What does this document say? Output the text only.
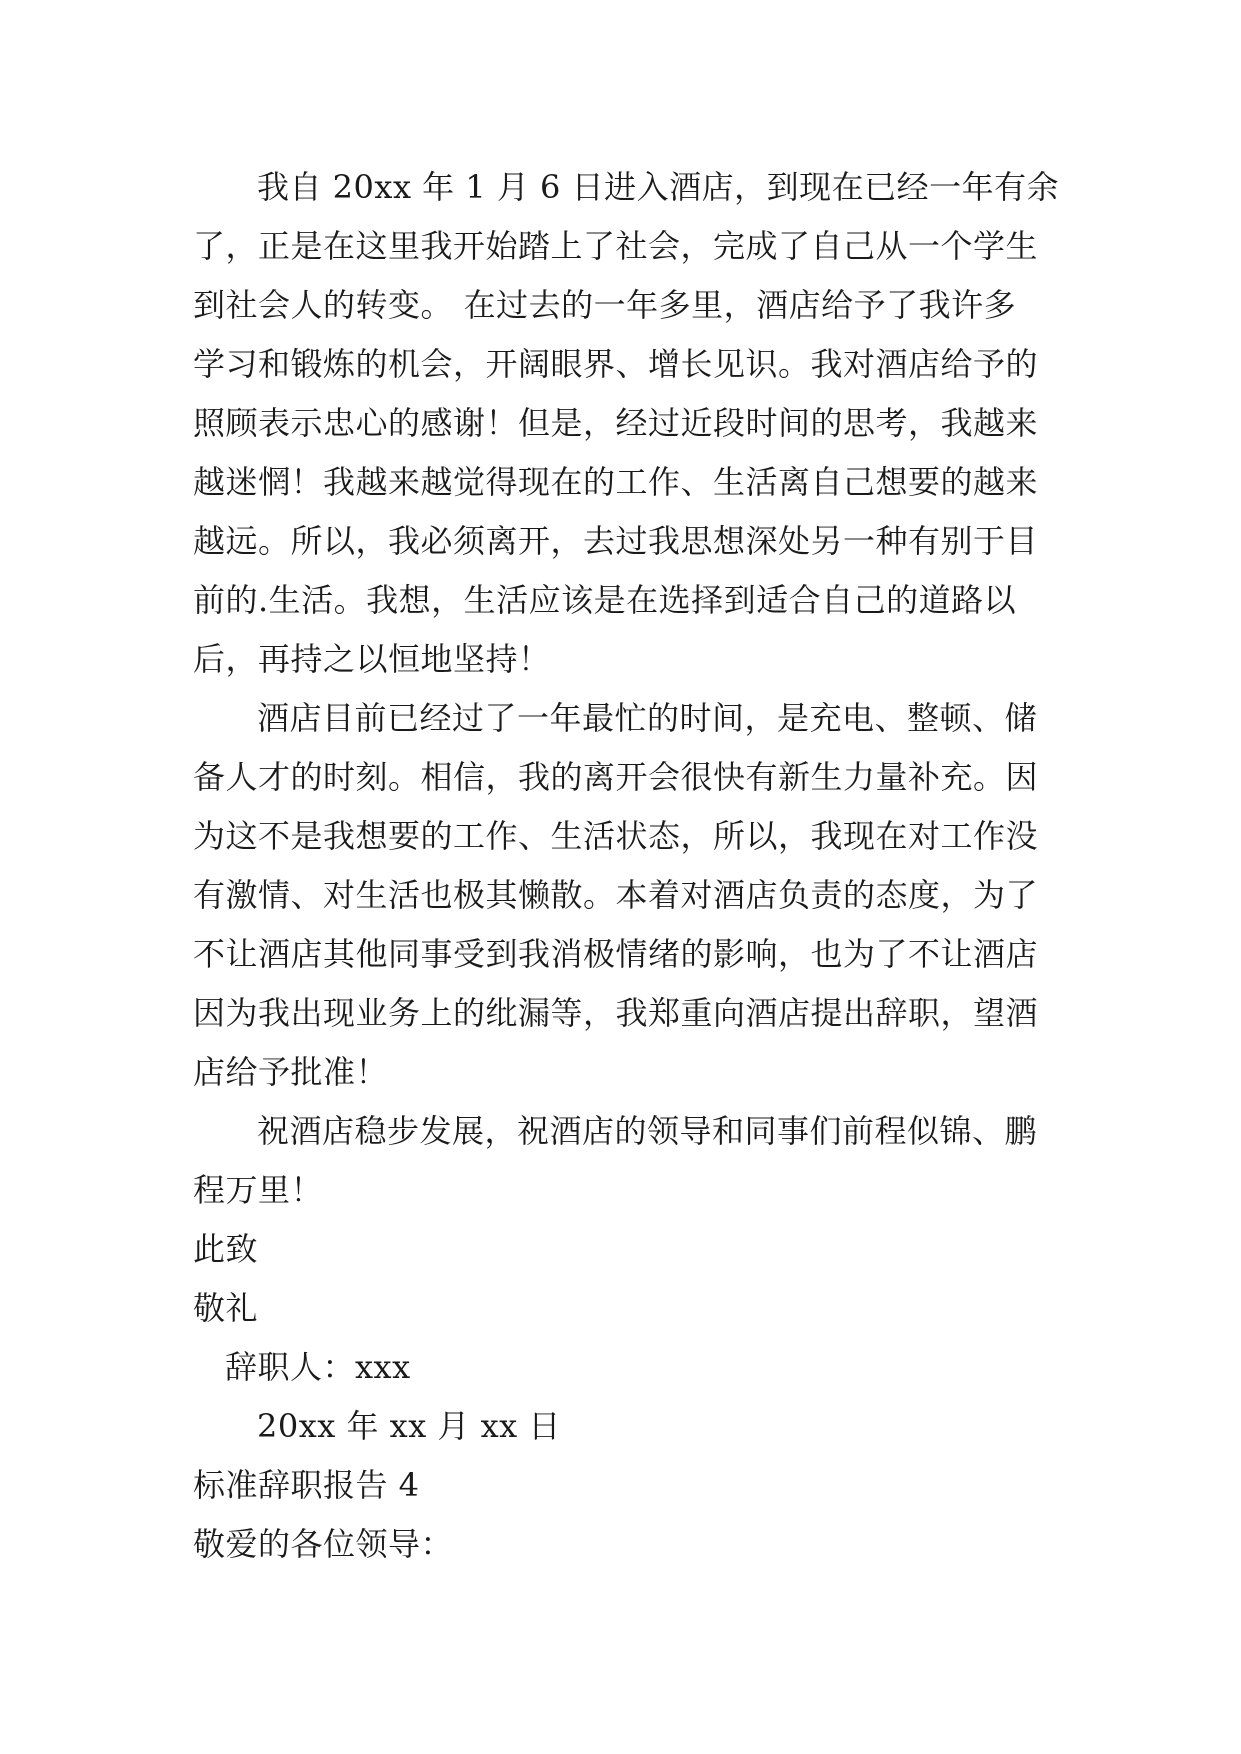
我自 20xx 年 1 月 6 日进入酒店，到现在已经一年有余
了，正是在这里我开始踏上了社会，完成了自己从一个学生
到社会人的转变。 在过去的一年多里，酒店给予了我许多
学习和锻炼的机会，开阔眼界、增长见识。我对酒店给予的
照顾表示忠心的感谢！但是，经过近段时间的思考，我越来
越迷惘！我越来越觉得现在的工作、生活离自己想要的越来
越远。所以，我必须离开，去过我思想深处另一种有别于目
前的.生活。我想，生活应该是在选择到适合自己的道路以
后，再持之以恒地坚持！
酒店目前已经过了一年最忙的时间，是充电、整顿、储
备人才的时刻。相信，我的离开会很快有新生力量补充。因
为这不是我想要的工作、生活状态，所以，我现在对工作没
有激情、对生活也极其懒散。本着对酒店负责的态度，为了
不让酒店其他同事受到我消极情绪的影响，也为了不让酒店
因为我出现业务上的纰漏等，我郑重向酒店提出辞职，望酒
店给予批准！
祝酒店稳步发展，祝酒店的领导和同事们前程似锦、鹏
程万里！
此致
敬礼
辞职人：xxx
20xx 年 xx 月 xx 日
标准辞职报告 4
敬爱的各位领导：
